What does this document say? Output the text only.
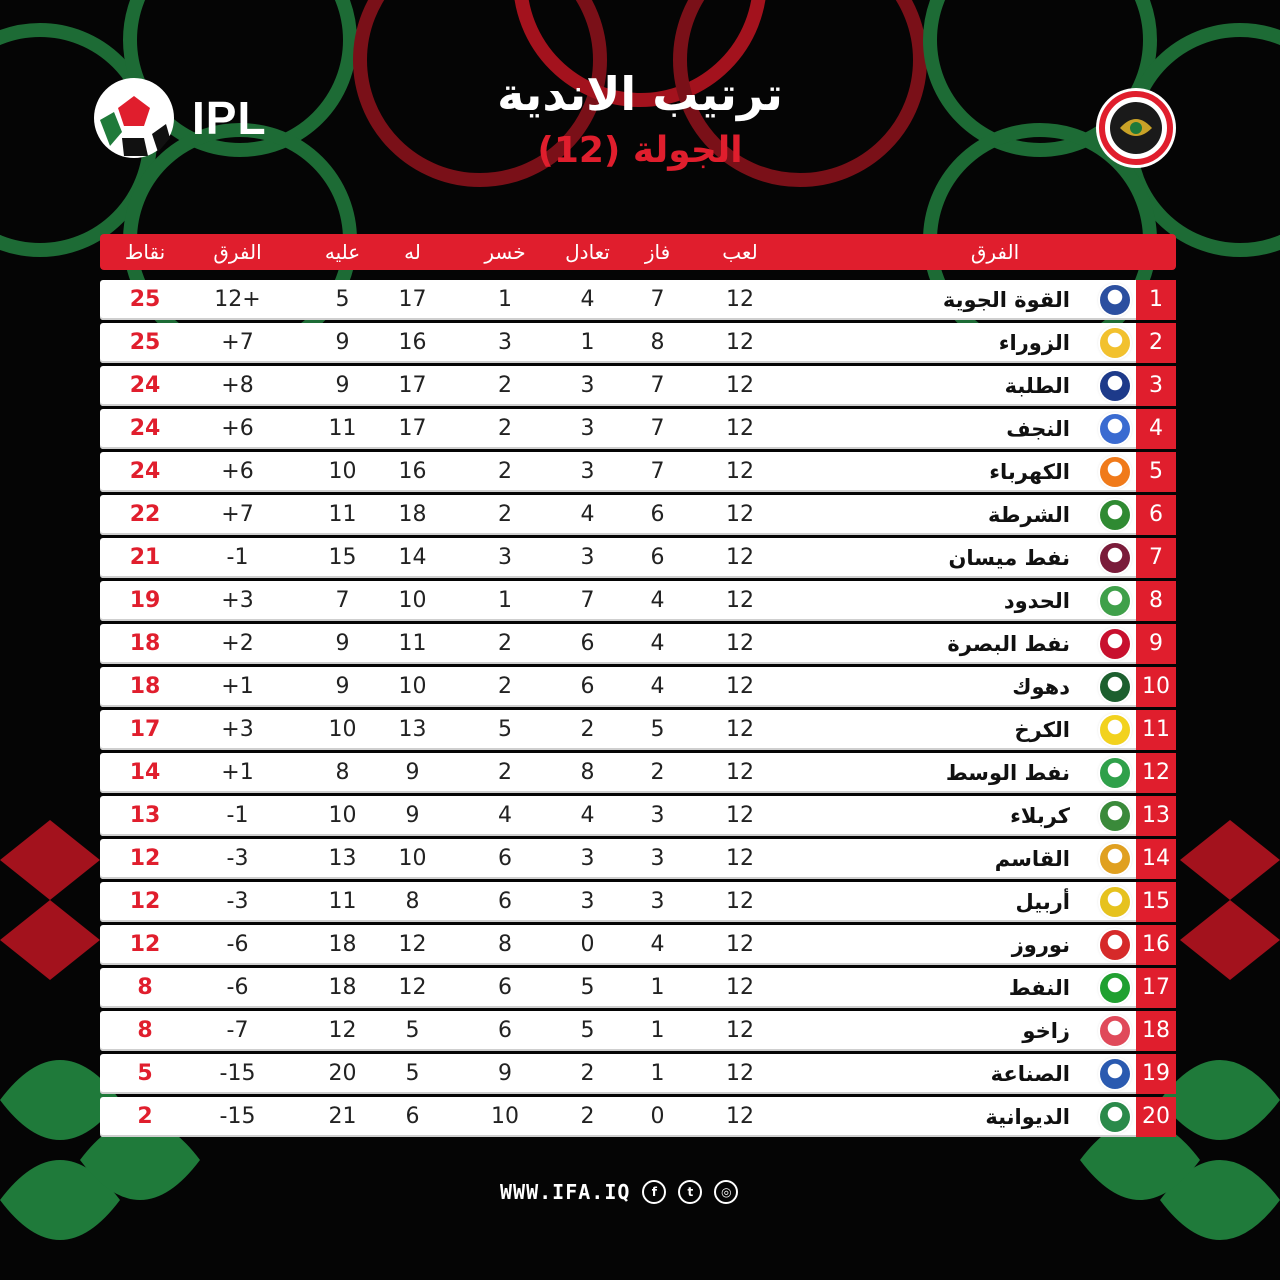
IPL	ترتيب الاندية
الجولة (12)
نقاط	الفرق	عليه	له	خسر	تعادل	فاز	لعب	الفرق
25	12+	5	17	1	4	7	12	القوة الجوية	1
25	+7	9	16	3	1	8	12	الزوراء	2
24	+8	9	17	2	3	7	12	الطلبة	3
24	+6	11	17	2	3	7	12	النجف	4
24	+6	10	16	2	3	7	12	الكهرباء	5
22	+7	11	18	2	4	6	12	الشرطة	6
21	-1	15	14	3	3	6	12	نفط ميسان	7
19	+3	7	10	1	7	4	12	الحدود	8
18	+2	9	11	2	6	4	12	نفط البصرة	9
18	+1	9	10	2	6	4	12	دهوك	10
17	+3	10	13	5	2	5	12	الكرخ	11
14	+1	8	9	2	8	2	12	نفط الوسط	12
13	-1	10	9	4	4	3	12	كربلاء	13
12	-3	13	10	6	3	3	12	القاسم	14
12	-3	11	8	6	3	3	12	أربيل	15
12	-6	18	12	8	0	4	12	نوروز	16
8	-6	18	12	6	5	1	12	النفط	17
8	-7	12	5	6	5	1	12	زاخو	18
5	-15	20	5	9	2	1	12	الصناعة	19
2	-15	21	6	10	2	0	12	الديوانية	20
WWW.IFA.IQ	f	t	◎
